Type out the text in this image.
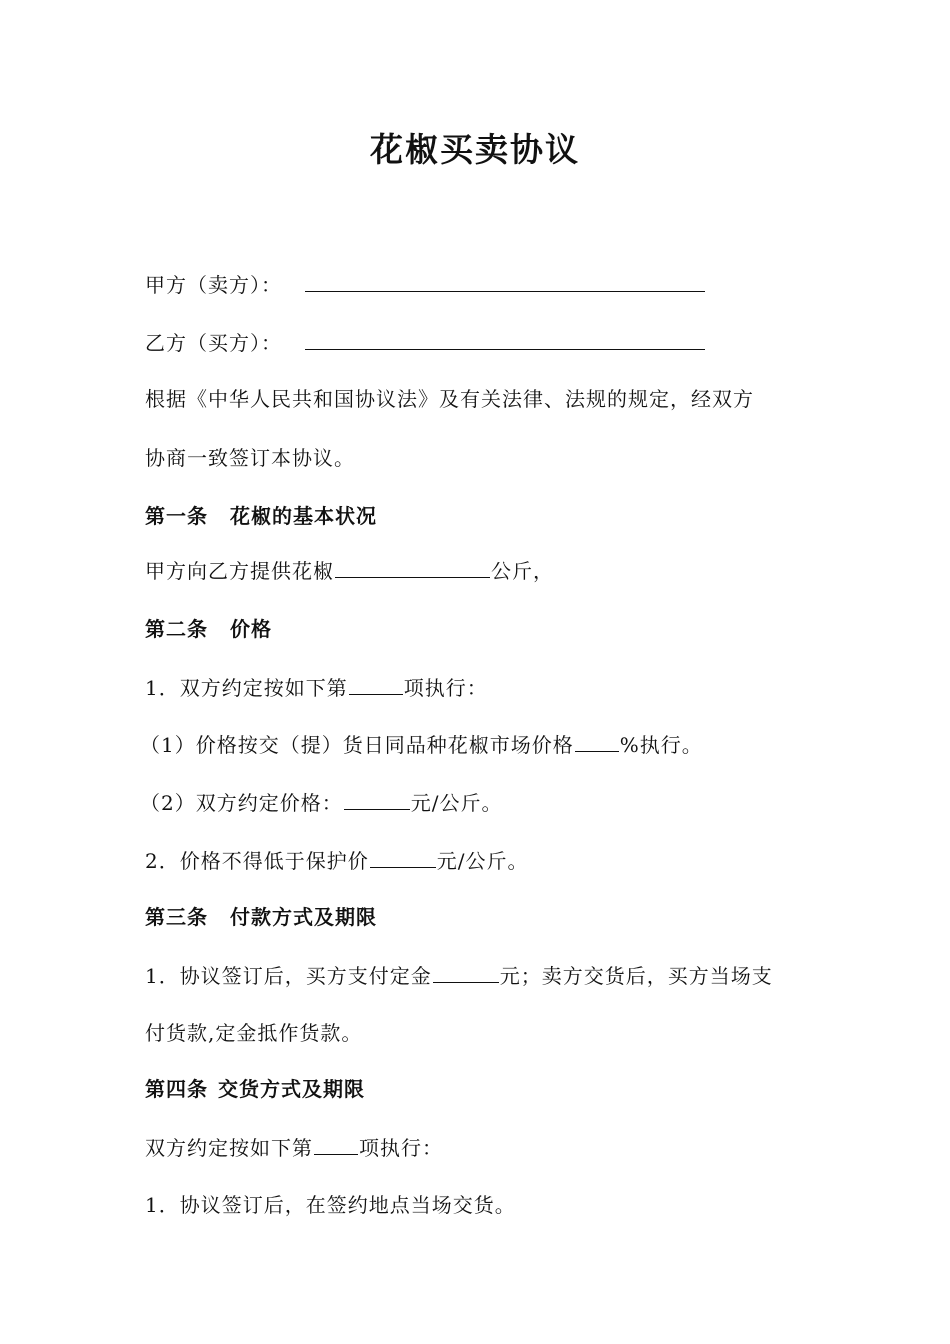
花椒买卖协议
甲方（卖方）：
乙方（买方）：
根据《中华人民共和国协议法》及有关法律、法规的规定，经双方
协商一致签订本协议。
第一条 花椒的基本状况
甲方向乙方提供花椒	公斤，
第二条 价格
1．双方约定按如下第	项执行：
（1）价格按交（提）货日同品种花椒市场价格 %执行。
（2）双方约定价格：	元/公斤。
2．价格不得低于保护价	元/公斤。
第三条 付款方式及期限
1．协议签订后，买方支付定金	元；卖方交货后，买方当场支
付货款,定金抵作货款。
第四条 交货方式及期限
双方约定按如下第 项执行：
1．协议签订后，在签约地点当场交货。
